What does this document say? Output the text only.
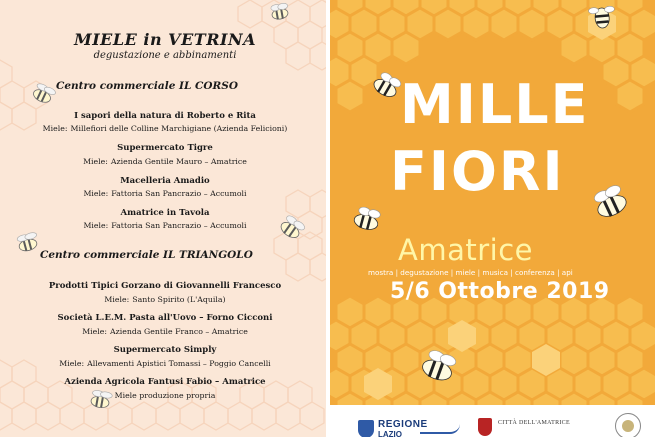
MIELE in VETRINA
degustazione e abbinamenti
Centro commerciale IL CORSO
I sapori della natura di Roberto e Rita
Miele: Millefiori delle Colline Marchigiane (Azienda Felicioni)
Supermercato Tigre
Miele: Azienda Gentile Mauro – Amatrice
Macelleria Amadio
Miele: Fattoria San Pancrazio – Accumoli
Amatrice in Tavola
Miele: Fattoria San Pancrazio – Accumoli
Centro commerciale IL TRIANGOLO
Prodotti Tipici Gorzano di Giovannelli Francesco
Miele: Santo Spirito (L'Aquila)
Società L.E.M. Pasta all'Uovo – Forno Cicconi
Miele: Azienda Gentile Franco – Amatrice
Supermercato Simply
Miele: Allevamenti Apistici Tomassi – Poggio Cancelli
Azienda Agricola Fantusi Fabio – Amatrice
Miele produzione propria
MILLE
FIORI
Amatrice
mostra | degustazione | miele | musica | conferenza | api
5/6 Ottobre 2019
REGIONE
LAZIO
CITTÀ DELL'AMATRICE
